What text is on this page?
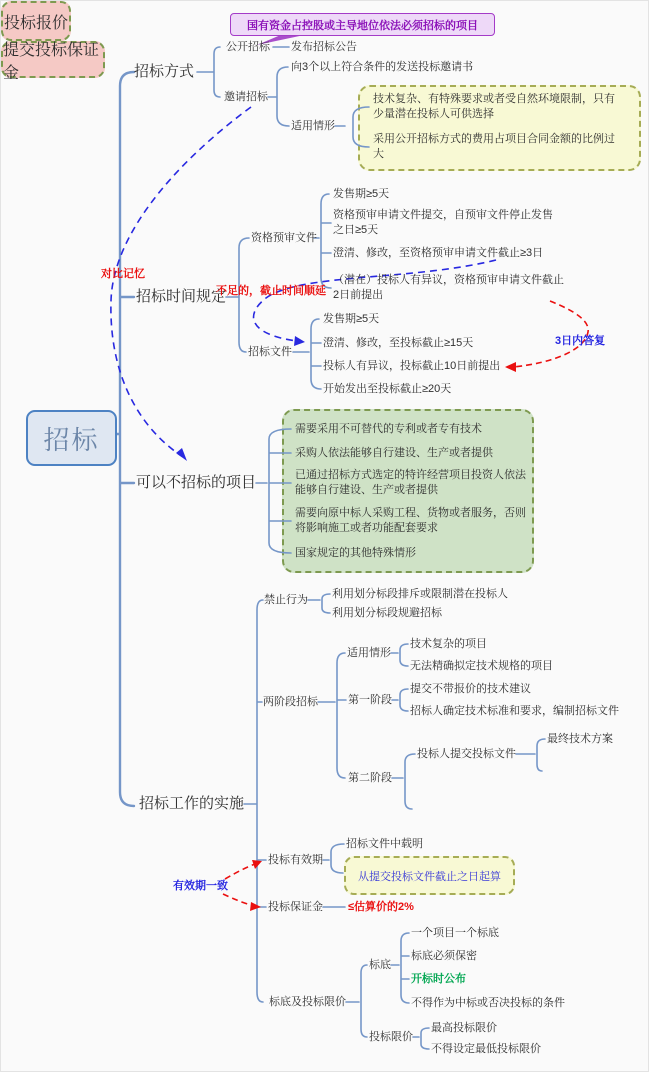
招标
国有资金占控股或主导地位依法必须招标的项目
招标方式
公开招标 发布招标公告
邀请招标
向3个以上符合条件的发送投标邀请书
适用情形
技术复杂、有特殊要求或者受自然环境限制，只有少量潜在投标人可供选择
采用公开招标方式的费用占项目合同金额的比例过大
招标时间规定
资格预审文件
发售期≥5天
资格预审申请文件提交，自预审文件停止发售之日≥5天
澄清、修改，至资格预审申请文件截止≥3日
（潜在）投标人有异议，资格预审申请文件截止2日前提出
招标文件
发售期≥5天
澄清、修改，至投标截止≥15天
投标人有异议，投标截止10日前提出
开始发出至投标截止≥20天
可以不招标的项目
需要采用不可替代的专利或者专有技术
采购人依法能够自行建设、生产或者提供
已通过招标方式选定的特许经营项目投资人依法能够自行建设、生产或者提供
需要向原中标人采购工程、货物或者服务，否则将影响施工或者功能配套要求
国家规定的其他特殊情形
招标工作的实施
禁止行为 利用划分标段排斥或限制潜在投标人
利用划分标段规避招标
两阶段招标
适用情形
技术复杂的项目
无法精确拟定技术规格的项目
第一阶段
提交不带报价的技术建议
招标人确定技术标准和要求，编制招标文件
第二阶段
投标人提交投标文件
最终技术方案
投标报价
提交投标保证金
投标有效期
招标文件中载明
从提交投标文件截止之日起算
投标保证金 ≤估算价的2%
标底及投标限价
标底
一个项目一个标底
标底必须保密
开标时公布
不得作为中标或否决投标的条件
投标限价
最高投标限价
不得设定最低投标限价
对比记忆
不足的，截止时间顺延
3日内答复
有效期一致
